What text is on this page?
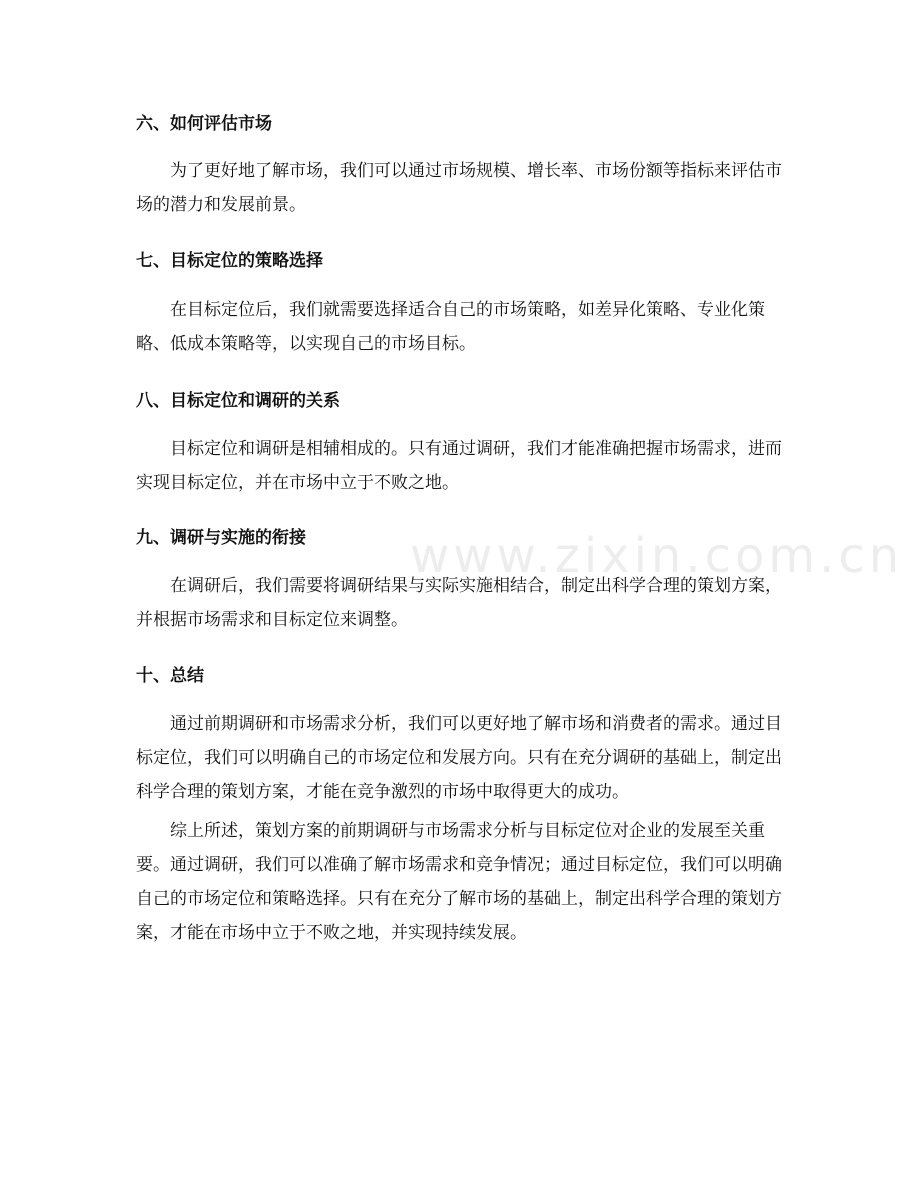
www.zixin.com.cn
六、如何评估市场

为了更好地了解市场，我们可以通过市场规模、增长率、市场份额等指标来评估市场的潜力和发展前景。

七、目标定位的策略选择

在目标定位后，我们就需要选择适合自己的市场策略，如差异化策略、专业化策略、低成本策略等，以实现自己的市场目标。

八、目标定位和调研的关系

目标定位和调研是相辅相成的。只有通过调研，我们才能准确把握市场需求，进而实现目标定位，并在市场中立于不败之地。

九、调研与实施的衔接

在调研后，我们需要将调研结果与实际实施相结合，制定出科学合理的策划方案，并根据市场需求和目标定位来调整。

十、总结

通过前期调研和市场需求分析，我们可以更好地了解市场和消费者的需求。通过目标定位，我们可以明确自己的市场定位和发展方向。只有在充分调研的基础上，制定出科学合理的策划方案，才能在竞争激烈的市场中取得更大的成功。

综上所述，策划方案的前期调研与市场需求分析与目标定位对企业的发展至关重要。通过调研，我们可以准确了解市场需求和竞争情况；通过目标定位，我们可以明确自己的市场定位和策略选择。只有在充分了解市场的基础上，制定出科学合理的策划方案，才能在市场中立于不败之地，并实现持续发展。
